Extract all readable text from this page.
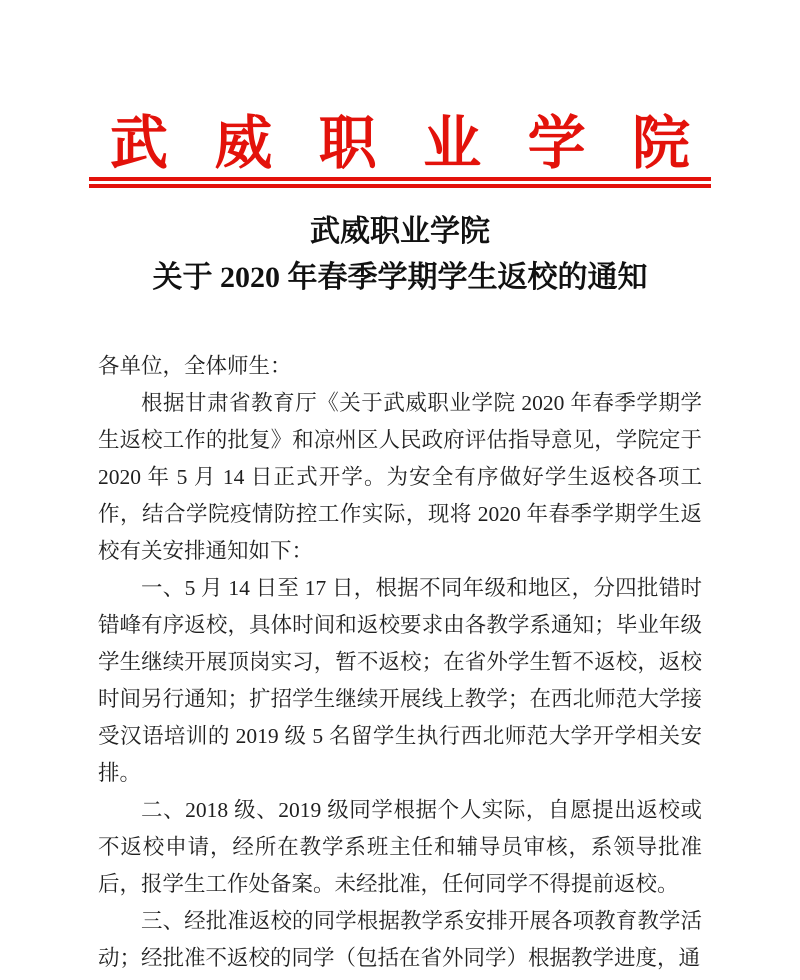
武威职业学院
武威职业学院
关于 2020 年春季学期学生返校的通知
各单位，全体师生：

根据甘肃省教育厅《关于武威职业学院 2020 年春季学期学生返校工作的批复》和凉州区人民政府评估指导意见，学院定于 2020 年 5 月 14 日正式开学。为安全有序做好学生返校各项工作，结合学院疫情防控工作实际，现将 2020 年春季学期学生返校有关安排通知如下：

一、5 月 14 日至 17 日，根据不同年级和地区，分四批错时错峰有序返校，具体时间和返校要求由各教学系通知；毕业年级学生继续开展顶岗实习，暂不返校；在省外学生暂不返校，返校时间另行通知；扩招学生继续开展线上教学；在西北师范大学接受汉语培训的 2019 级 5 名留学生执行西北师范大学开学相关安排。

二、2018 级、2019 级同学根据个人实际，自愿提出返校或不返校申请，经所在教学系班主任和辅导员审核，系领导批准后，报学生工作处备案。未经批准，任何同学不得提前返校。

三、经批准返校的同学根据教学系安排开展各项教育教学活动；经批准不返校的同学（包括在省外同学）根据教学进度，通
